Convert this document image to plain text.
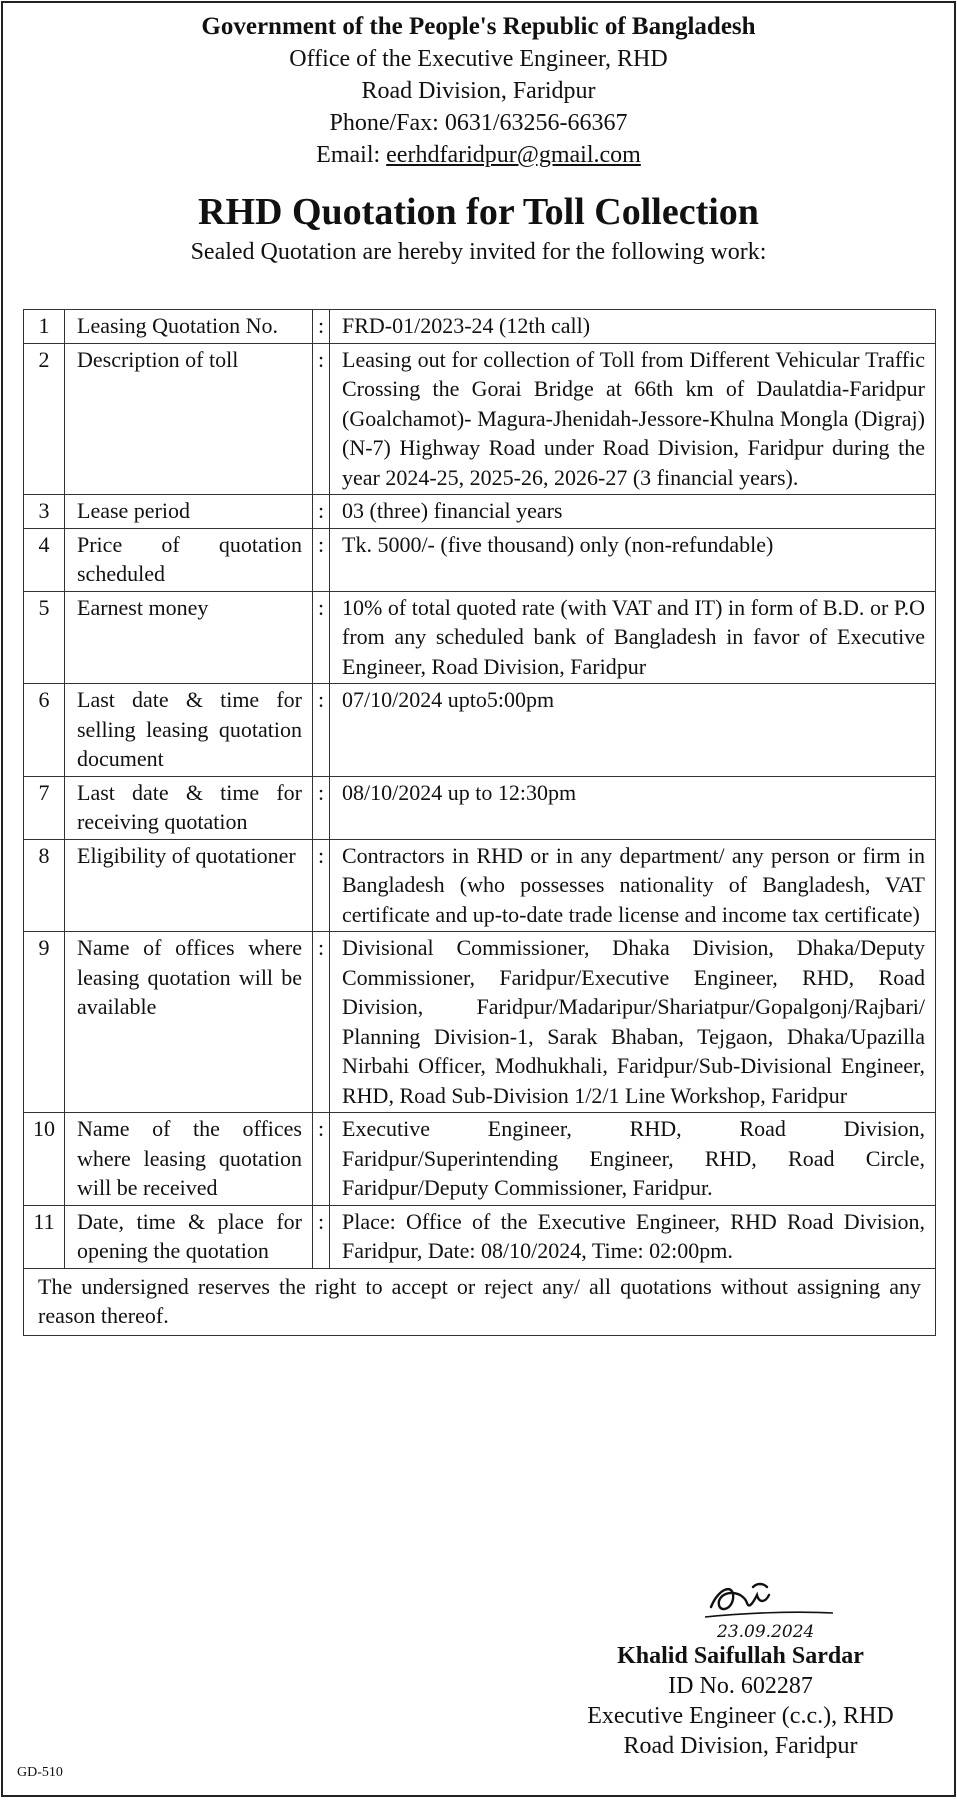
Government of the People's Republic of Bangladesh
Office of the Executive Engineer, RHD
Road Division, Faridpur
Phone/Fax: 0631/63256-66367
Email: eerhdfaridpur@gmail.com
RHD Quotation for Toll Collection
Sealed Quotation are hereby invited for the following work:
1	Leasing Quotation No.	:	FRD-01/2023-24 (12th call)
2	Description of toll	:	Leasing out for collection of Toll from Different Vehicular Traffic Crossing the Gorai Bridge at 66th km of Daulatdia-Faridpur (Goalchamot)- Magura-Jhenidah-Jessore-Khulna Mongla (Digraj) (N-7) Highway Road under Road Division, Faridpur during the year 2024-25, 2025-26, 2026-27 (3 financial years).
3	Lease period	:	03 (three) financial years
4	Price of quotation scheduled	:	Tk. 5000/- (five thousand) only (non-refundable)
5	Earnest money	:	10% of total quoted rate (with VAT and IT) in form of B.D. or P.O from any scheduled bank of Bangladesh in favor of Executive Engineer, Road Division, Faridpur
6	Last date & time for selling leasing quotation document	:	07/10/2024 upto5:00pm
7	Last date & time for receiving quotation	:	08/10/2024 up to 12:30pm
8	Eligibility of quotationer	:	Contractors in RHD or in any department/ any person or firm in Bangladesh (who possesses nationality of Bangladesh, VAT certificate and up-to-date trade license and income tax certificate)
9	Name of offices where leasing quotation will be available	:	Divisional Commissioner, Dhaka Division, Dhaka/Deputy Commissioner, Faridpur/Executive Engineer, RHD, Road Division, Faridpur/Madaripur/Shariatpur/Gopalgonj/Rajbari/ Planning Division-1, Sarak Bhaban, Tejgaon, Dhaka/Upazilla Nirbahi Officer, Modhukhali, Faridpur/Sub-Divisional Engineer, RHD, Road Sub-Division 1/2/1 Line Workshop, Faridpur
10	Name of the offices where leasing quotation will be received	:	Executive Engineer, RHD, Road Division, Faridpur/Superintending Engineer, RHD, Road Circle, Faridpur/Deputy Commissioner, Faridpur.
11	Date, time & place for opening the quotation	:	Place: Office of the Executive Engineer, RHD Road Division, Faridpur, Date: 08/10/2024, Time: 02:00pm.
The undersigned reserves the right to accept or reject any/ all quotations without assigning any reason thereof.			
23.09.2024
Khalid Saifullah Sardar
ID No. 602287
Executive Engineer (c.c.), RHD
Road Division, Faridpur
GD-510
